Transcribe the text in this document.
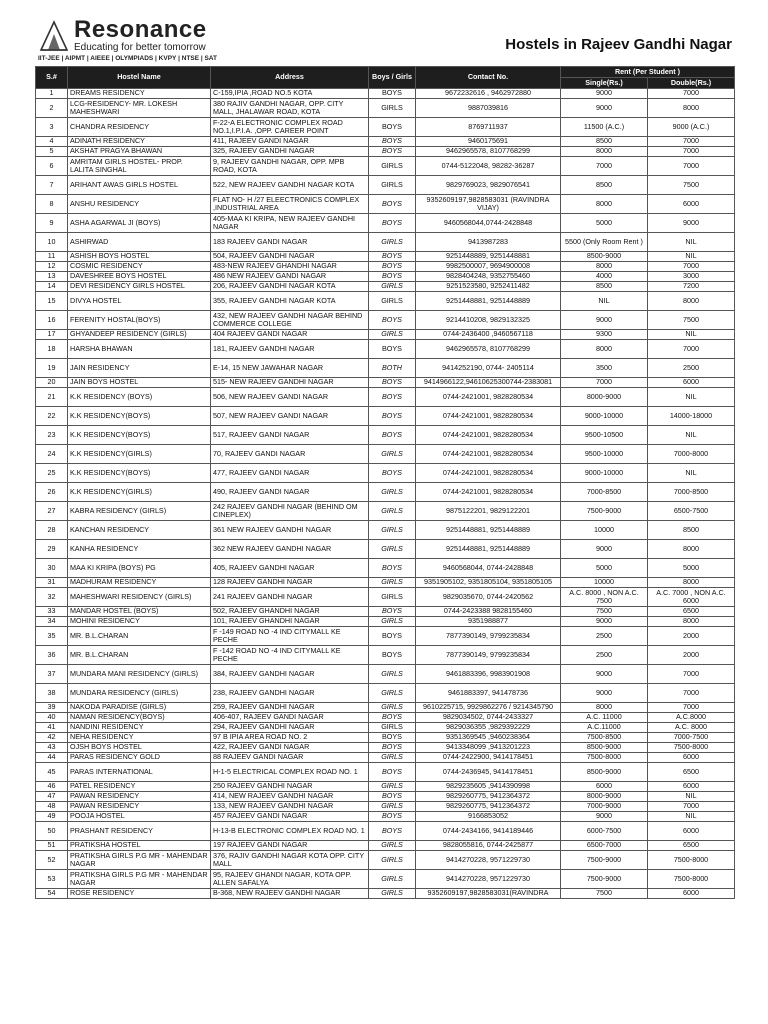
Resonance
Educating for better tomorrow
IIT-JEE | AIPMT | AIEEE | OLYMPIADS | KVPY | NTSE | SAT
Hostels in Rajeev Gandhi Nagar
S.#	Hostel Name	Address	Boys / Girls	Contact No.	Rent (Per Student )	
					Single(Rs.)	Double(Rs.)
1	DREAMS RESIDENCY	C-159,IPIA ,ROAD NO.5 KOTA	BOYS	9672232616 , 9462972880	9000	7000
2	LCG-RESIDENCY- MR. LOKESH MAHESHWARI	380 RAJIV GANDHI NAGAR, OPP. CITY MALL, JHALAWAR ROAD, KOTA	GIRLS	9887039816	9000	8000
3	CHANDRA RESIDENCY	F-22-A ELECTRONIC COMPLEX ROAD NO.1,I.P.I.A. ,OPP. CAREER POINT	BOYS	8769711937	11500 (A.C.)	9000 (A.C.)
4	ADINATH RESIDENCY	411, RAJEEV GANDI NAGAR	BOYS	9460175691	8500	7000
5	AKSHAT PRAGYA BHAWAN	325, RAJEEV GANDHI NAGAR	BOYS	9462965578, 8107768299	8000	7000
6	AMRITAM GIRLS HOSTEL- PROP. LALITA SINGHAL	9, RAJEEV GANDHI NAGAR, OPP. MPB ROAD, KOTA	GIRLS	0744-5122048, 98282-36287	7000	7000
7	ARIHANT AWAS GIRLS HOSTEL	522, NEW RAJEEV GANDHI NAGAR KOTA	GIRLS	9829769023, 9829076541	8500	7500
8	ANSHU RESIDENCY	FLAT NO- H /27 ELEECTRONICS COMPLEX ,INDUSTRIAL AREA	BOYS	9352609197,9828583031 (RAVINDRA VIJAY)	8000	6000
9	ASHA AGARWAL JI (BOYS)	405-MAA KI KRIPA, NEW RAJEEV GANDHI NAGAR	BOYS	9460568044,0744-2428848	5000	9000
10	ASHIRWAD	183 RAJEEV GANDI NAGAR	GIRLS	9413987283	5500 (Only Room Rent )	NIL
11	ASHISH BOYS HOSTEL	504, RAJEEV GANDHI NAGAR	BOYS	9251448889, 9251448881	8500-9000	NIL
12	COSMIC RESIDENCY	483-NEW RAJEEV GHANDHI NAGAR	BOYS	9982500007, 9694900008	8000	7000
13	DAVESHREE BOYS HOSTEL	486 NEW RAJEEV GANDI NAGAR	BOYS	9828404248, 9352755460	4000	3000
14	DEVI RESIDENCY GIRLS HOSTEL	206, RAJEEV GANDHI NAGAR KOTA	GIRLS	9251523580, 9252411482	8500	7200
15	DIVYA HOSTEL	355, RAJEEV GANDHI NAGAR KOTA	GIRLS	9251448881, 9251448889	NIL	8000
16	FERENITY HOSTAL(BOYS)	432, NEW RAJEEV GANDHI NAGAR BEHIND COMMERCE COLLEGE	BOYS	9214410208, 9829132325	9000	7500
17	GHYANDEEP RESIDENCY (GIRLS)	404 RAJEEV GANDI NAGAR	GIRLS	0744-2436400 ,9460567118	9300	NIL
18	HARSHA BHAWAN	181, RAJEEV GANDHI NAGAR	BOYS	9462965578, 8107768299	8000	7000
19	JAIN RESIDENCY	E-14, 15 NEW JAWAHAR NAGAR	BOTH	9414252190, 0744- 2405114	3500	2500
20	JAIN BOYS HOSTEL	515- NEW RAJEEV GANDHI NAGAR	BOYS	9414966122,94610625300744-2383081	7000	6000
21	K.K RESIDENCY (BOYS)	506, NEW RAJEEV GANDI NAGAR	BOYS	0744-2421001, 9828280534	8000-9000	NIL
22	K.K RESIDENCY(BOYS)	507, NEW RAJEEV GANDI NAGAR	BOYS	0744-2421001, 9828280534	9000-10000	14000-18000
23	K.K RESIDENCY(BOYS)	517, RAJEEV GANDI NAGAR	BOYS	0744-2421001, 9828280534	9500-10500	NIL
24	K.K RESIDENCY(GIRLS)	70, RAJEEV GANDI NAGAR	GIRLS	0744-2421001, 9828280534	9500-10000	7000-8000
25	K.K RESIDENCY(BOYS)	477, RAJEEV GANDI NAGAR	BOYS	0744-2421001, 9828280534	9000-10000	NIL
26	K.K RESIDENCY(GIRLS)	490, RAJEEV GANDI NAGAR	GIRLS	0744-2421001, 9828280534	7000-8500	7000-8500
27	KABRA RESIDENCY (GIRLS)	242 RAJEEV GANDHI NAGAR (BEHIND OM CINEPLEX)	GIRLS	9875122201, 9829122201	7500-9000	6500-7500
28	KANCHAN RESIDENCY	361 NEW RAJEEV GANDHI NAGAR	GIRLS	9251448881, 9251448889	10000	8500
29	KANHA RESIDENCY	362 NEW RAJEEV GANDHI NAGAR	GIRLS	9251448881, 9251448889	9000	8000
30	MAA KI KRIPA (BOYS) PG	405, RAJEEV GANDHI NAGAR	BOYS	9460568044, 0744-2428848	5000	5000
31	MADHURAM RESIDENCY	128 RAJEEV GANDHI NAGAR	GIRLS	9351905102, 9351805104, 9351805105	10000	8000
32	MAHESHWARI RESIDENCY (GIRLS)	241 RAJEEV GANDHI NAGAR	GIRLS	9829035670, 0744-2420562	A.C. 8000 , NON A.C. 7500	A.C. 7000 , NON A.C. 6000
33	MANDAR HOSTEL (BOYS)	502, RAJEEV GHANDHI NAGAR	BOYS	0744-2423388 9828155460	7500	6500
34	MOHINI RESIDENCY	101, RAJEEV GHANDHI NAGAR	GIRLS	9351988877	9000	8000
35	MR. B.L.CHARAN	F -149 ROAD NO -4 IND CITYMALL KE PECHE	BOYS	7877390149, 9799235834	2500	2000
36	MR. B.L.CHARAN	F -142 ROAD NO -4 IND CITYMALL KE PECHE	BOYS	7877390149, 9799235834	2500	2000
37	MUNDARA MANI RESIDENCY (GIRLS)	384, RAJEEV GANDHI NAGAR	GIRLS	9461883396, 9983901908	9000	7000
38	MUNDARA RESIDENCY (GIRLS)	238, RAJEEV GANDHI NAGAR	GIRLS	9461883397, 941478736	9000	7000
39	NAKODA PARADISE (GIRLS)	259, RAJEEV GANDHI NAGAR	GIRLS	9610225715, 9929862276 / 9214345790	8000	7000
40	NAMAN RESIDENCY(BOYS)	406-407, RAJEEV GANDI NAGAR	BOYS	9829034502, 0744-2433327	A.C. 11000	A.C.8000
41	NANDINI RESIDENCY	294, RAJEEV GANDHI NAGAR	GIRLS	9829036355 ,9829392229	A.C.11000	A.C. 8000
42	NEHA RESIDENCY	97 B IPIA AREA ROAD NO. 2	BOYS	9351369545 ,9460238364	7500-8500	7000-7500
43	OJSH BOYS HOSTEL	422, RAJEEV GANDI NAGAR	BOYS	9413348099 ,9413201223	8500-9000	7500-8000
44	PARAS RESIDENCY GOLD	88 RAJEEV GANDI NAGAR	GIRLS	0744-2422900, 9414178451	7500-8000	6000
45	PARAS INTERNATIONAL	H-1-5 ELECTRICAL COMPLEX ROAD NO. 1	BOYS	0744-2436945, 9414178451	8500-9000	6500
46	PATEL RESIDENCY	250 RAJEEV GANDHI NAGAR	GIRLS	9829235605 ,9414390998	6000	6000
47	PAWAN RESIDENCY	414, NEW RAJEEV GANDHI NAGAR	BOYS	9829260775, 9412364372	8000-9000	NIL
48	PAWAN RESIDENCY	133, NEW RAJEEV GANDHI NAGAR	GIRLS	9829260775, 9412364372	7000-9000	7000
49	POOJA HOSTEL	457 RAJEEV GANDI NAGAR	BOYS	9166853052	9000	NIL
50	PRASHANT RESIDENCY	H-13-B ELECTRONIC COMPLEX ROAD NO. 1	BOYS	0744-2434166, 9414189446	6000-7500	6000
51	PRATIKSHA HOSTEL	197 RAJEEV GANDI NAGAR	GIRLS	9828055816, 0744-2425877	6500-7000	6500
52	PRATIKSHA GIRLS P.G MR - MAHENDAR NAGAR	376, RAJIV GANDHI NAGAR KOTA OPP. CITY MALL	GIRLS	9414270228, 9571229730	7500-9000	7500-8000
53	PRATIKSHA GIRLS P.G MR - MAHENDAR NAGAR	95, RAJEEV GHANDI NAGAR, KOTA OPP. ALLEN SAFALYA	GIRLS	9414270228, 9571229730	7500-9000	7500-8000
54	ROSE RESIDENCY	B-368, NEW RAJEEV GANDHI NAGAR	GIRLS	9352609197,9828583031(RAVINDRA	7500	6000
